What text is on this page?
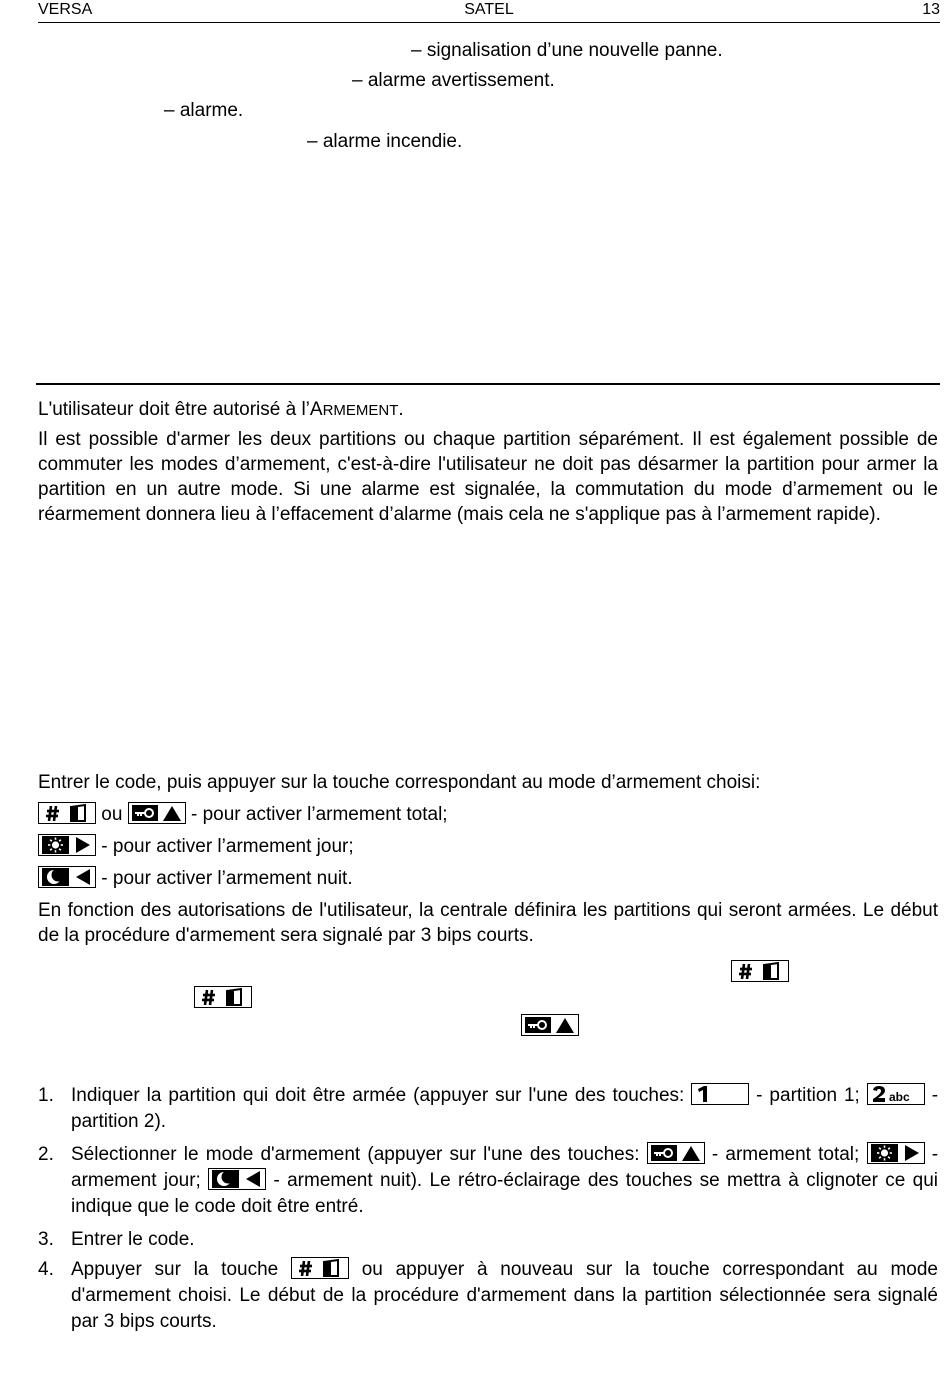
VERSA	SATEL	13
– signalisation d’une nouvelle panne.
– alarme avertissement.
– alarme.
– alarme incendie.
L'utilisateur doit être autorisé à l’ARMEMENT.
Il est possible d'armer les deux partitions ou chaque partition séparément. Il est également possible de commuter les modes d’armement, c'est-à-dire l'utilisateur ne doit pas désarmer la partition pour armer la partition en un autre mode. Si une alarme est signalée, la commutation du mode d’armement ou le réarmement donnera lieu à l’effacement d’alarme (mais cela ne s'applique pas à l’armement rapide).
Entrer le code, puis appuyer sur la touche correspondant au mode d’armement choisi:
ou	- pour activer l’armement total;
- pour activer l’armement jour;
- pour activer l’armement nuit.
En fonction des autorisations de l'utilisateur, la centrale définira les partitions qui seront armées. Le début de la procédure d'armement sera signalé par 3 bips courts.
1. Indiquer la partition qui doit être armée (appuyer sur l'une des touches:	- partition 1;	- partition 2).
2. Sélectionner le mode d'armement (appuyer sur l'une des touches:	- armement total;	- armement jour;	- armement nuit). Le rétro-éclairage des touches se mettra à clignoter ce qui indique que le code doit être entré.
3. Entrer le code.
4. Appuyer sur la touche	ou appuyer à nouveau sur la touche correspondant au mode d'armement choisi. Le début de la procédure d'armement dans la partition sélectionnée sera signalé par 3 bips courts.
